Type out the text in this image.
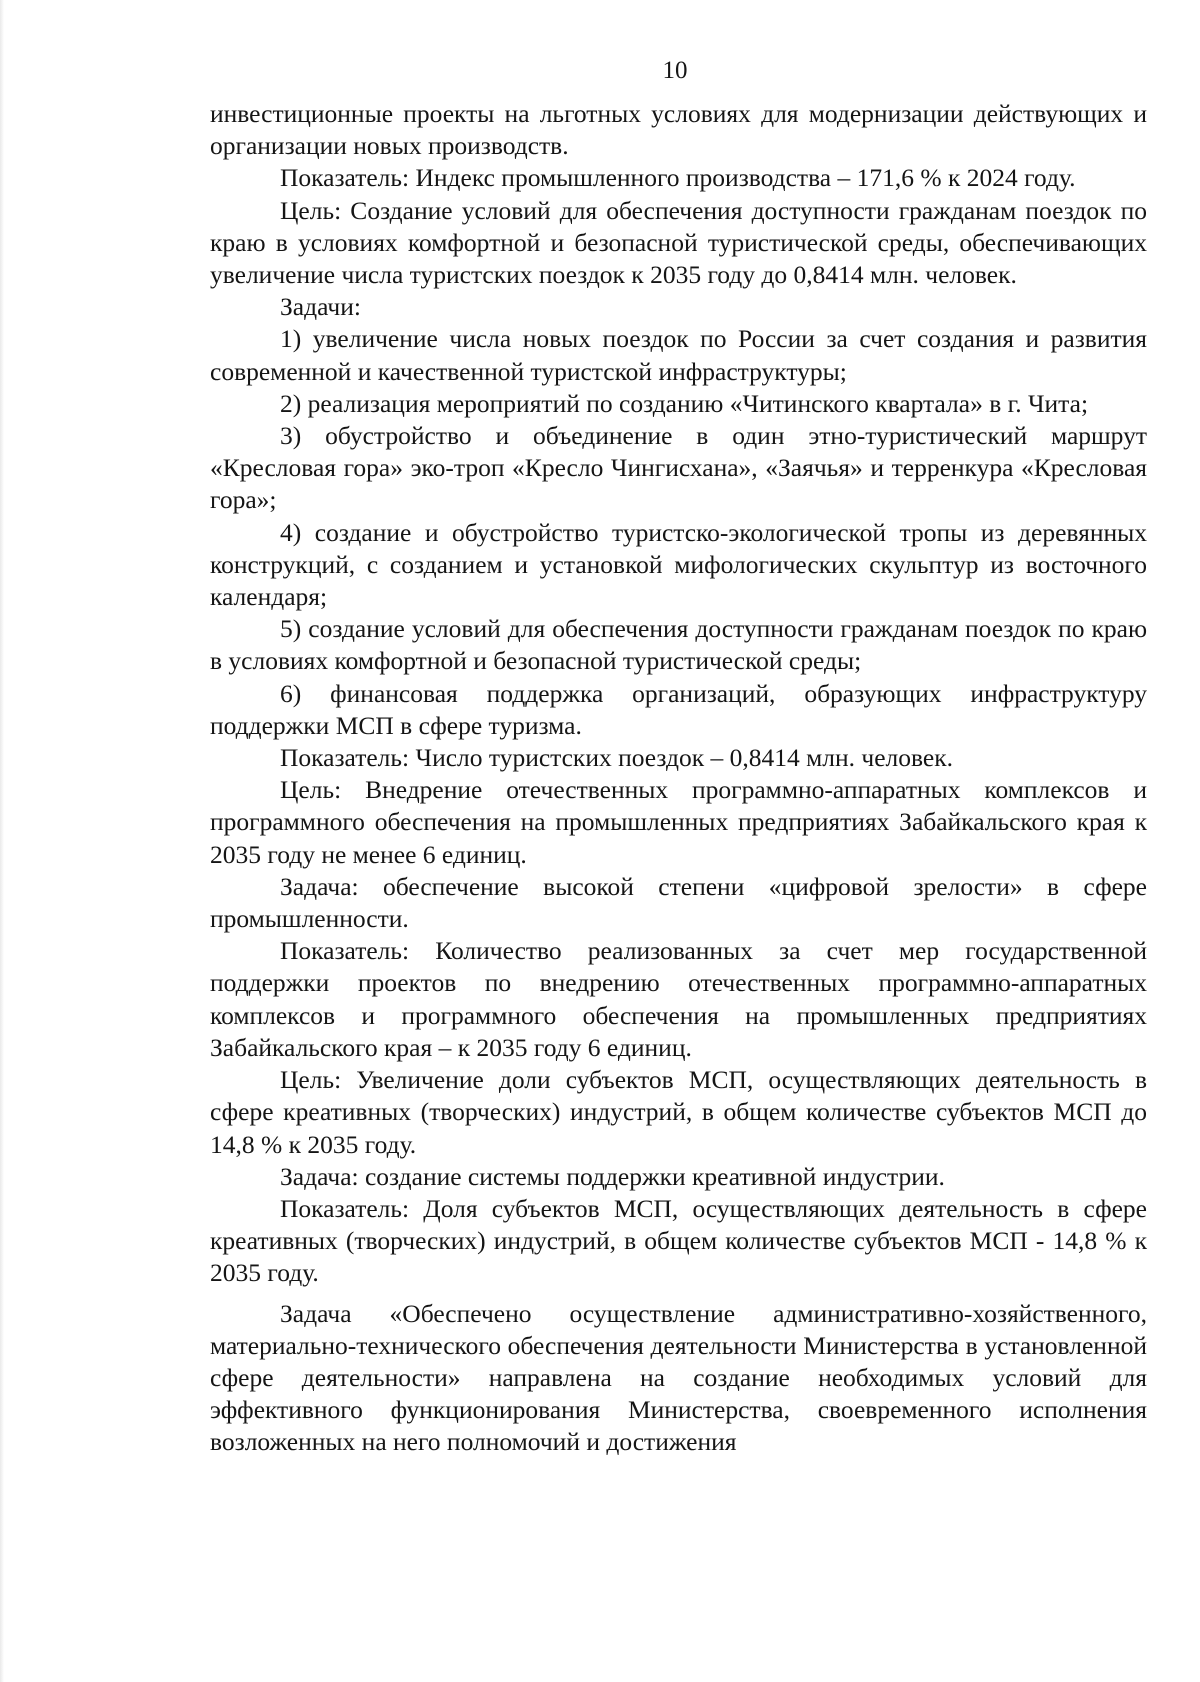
10

инвестиционные проекты на льготных условиях для модернизации действующих и организации новых производств.

Показатель: Индекс промышленного производства – 171,6 % к 2024 году.

Цель: Создание условий для обеспечения доступности гражданам поездок по краю в условиях комфортной и безопасной туристической среды, обеспечивающих увеличение числа туристских поездок к 2035 году до 0,8414 млн. человек.

Задачи:

1) увеличение числа новых поездок по России за счет создания и развития современной и качественной туристской инфраструктуры;

2) реализация мероприятий по созданию «Читинского квартала» в г. Чита;

3) обустройство и объединение в один этно-туристический маршрут «Кресловая гора» эко-троп «Кресло Чингисхана», «Заячья» и терренкура «Кресловая гора»;

4) создание и обустройство туристско-экологической тропы из деревянных конструкций, с созданием и установкой мифологических скульптур из восточного календаря;

5) создание условий для обеспечения доступности гражданам поездок по краю в условиях комфортной и безопасной туристической среды;

6) финансовая поддержка организаций, образующих инфраструктуру поддержки МСП в сфере туризма.

Показатель: Число туристских поездок – 0,8414 млн. человек.

Цель: Внедрение отечественных программно-аппаратных комплексов и программного обеспечения на промышленных предприятиях Забайкальского края к 2035 году не менее 6 единиц.

Задача: обеспечение высокой степени «цифровой зрелости» в сфере промышленности.

Показатель: Количество реализованных за счет мер государственной поддержки проектов по внедрению отечественных программно-аппаратных комплексов и программного обеспечения на промышленных предприятиях Забайкальского края – к 2035 году 6 единиц.

Цель: Увеличение доли субъектов МСП, осуществляющих деятельность в сфере креативных (творческих) индустрий, в общем количестве субъектов МСП до 14,8 % к 2035 году.

Задача: создание системы поддержки креативной индустрии.

Показатель: Доля субъектов МСП, осуществляющих деятельность в сфере креативных (творческих) индустрий, в общем количестве субъектов МСП - 14,8 % к 2035 году.

Задача «Обеспечено осуществление административно-хозяйственного, материально-технического обеспечения деятельности Министерства в установленной сфере деятельности» направлена на создание необходимых условий для эффективного функционирования Министерства, своевременного исполнения возложенных на него полномочий и достижения
